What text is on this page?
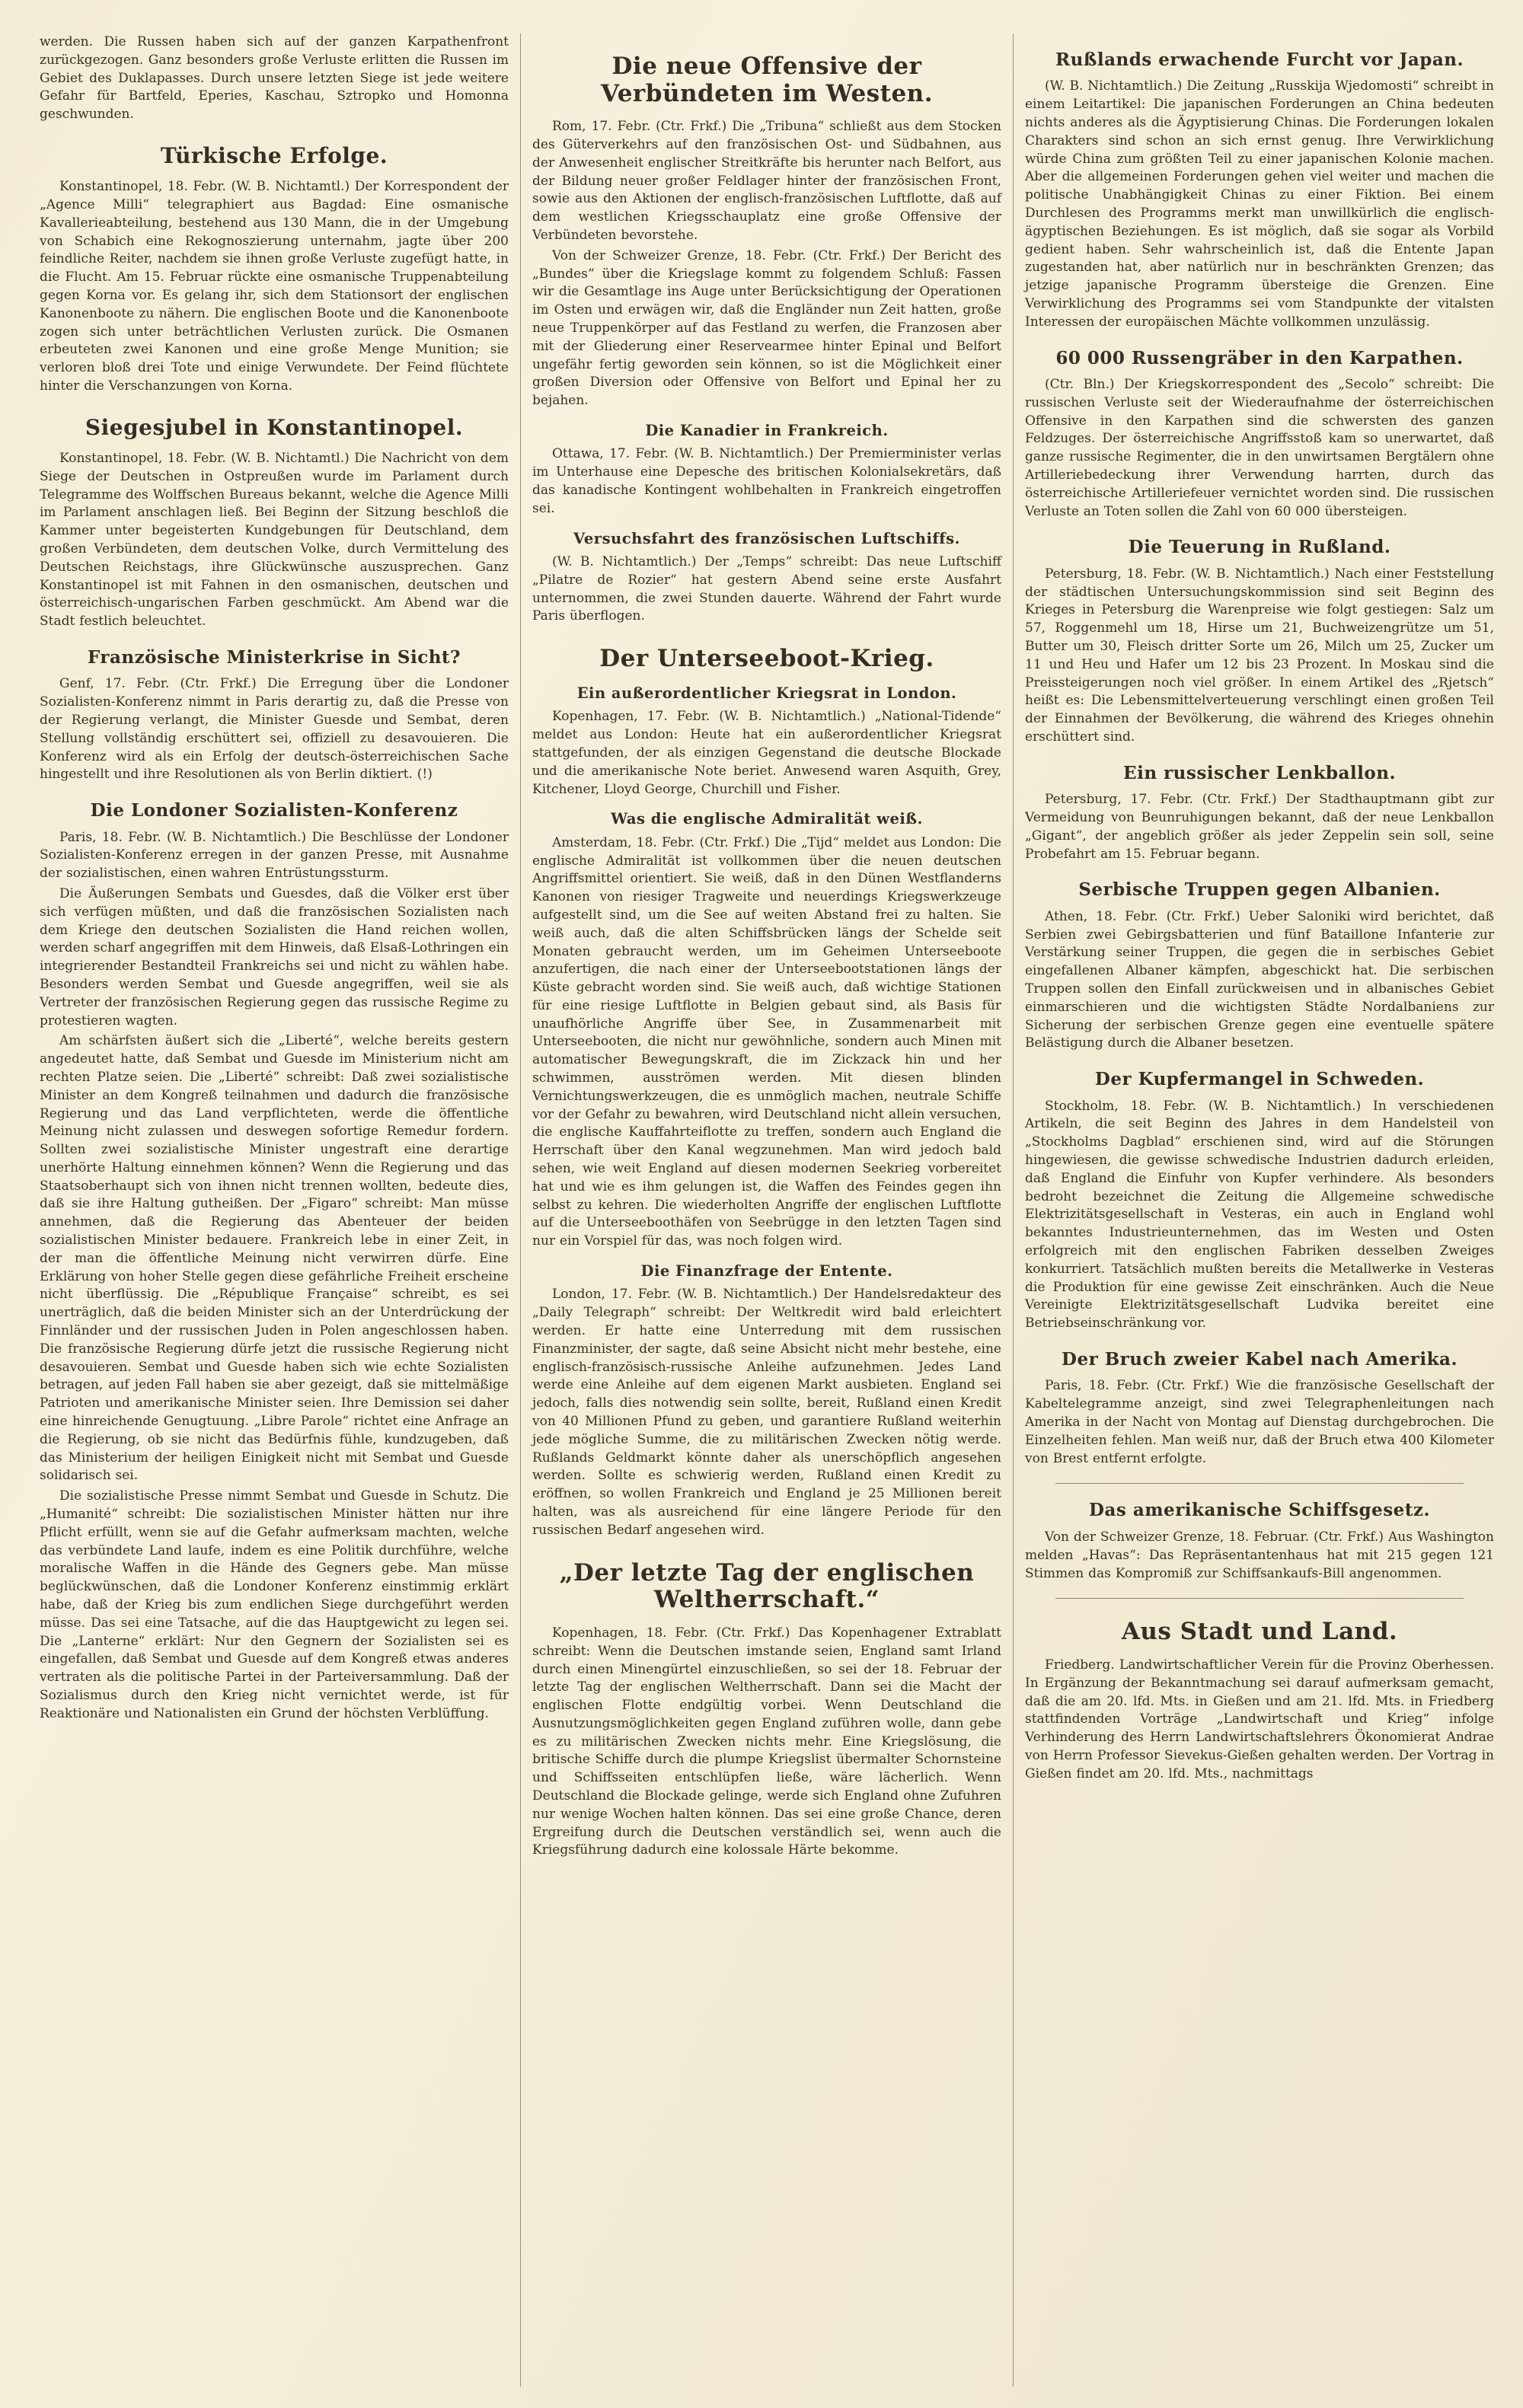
werden. Die Russen haben sich auf der ganzen Karpathenfront zurückgezogen. Ganz besonders große Verluste erlitten die Russen im Gebiet des Duklapasses. Durch unsere letzten Siege ist jede weitere Gefahr für Bartfeld, Eperies, Kaschau, Sztropko und Homonna geschwunden.

Türkische Erfolge.

Konstantinopel, 18. Febr. (W. B. Nichtamtl.) Der Korrespondent der „Agence Milli“ telegraphiert aus Bagdad: Eine osmanische Kavallerieabteilung, bestehend aus 130 Mann, die in der Umgebung von Schabich eine Rekognoszierung unternahm, jagte über 200 feindliche Reiter, nachdem sie ihnen große Verluste zugefügt hatte, in die Flucht. Am 15. Februar rückte eine osmanische Truppenabteilung gegen Korna vor. Es gelang ihr, sich dem Stationsort der englischen Kanonenboote zu nähern. Die englischen Boote und die Kanonenboote zogen sich unter beträchtlichen Verlusten zurück. Die Osmanen erbeuteten zwei Kanonen und eine große Menge Munition; sie verloren bloß drei Tote und einige Verwundete. Der Feind flüchtete hinter die Verschanzungen von Korna.

Siegesjubel in Konstantinopel.

Konstantinopel, 18. Febr. (W. B. Nichtamtl.) Die Nachricht von dem Siege der Deutschen in Ostpreußen wurde im Parlament durch Telegramme des Wolffschen Bureaus bekannt, welche die Agence Milli im Parlament anschlagen ließ. Bei Beginn der Sitzung beschloß die Kammer unter begeisterten Kundgebungen für Deutschland, dem großen Verbündeten, dem deutschen Volke, durch Vermittelung des Deutschen Reichstags, ihre Glückwünsche auszusprechen. Ganz Konstantinopel ist mit Fahnen in den osmanischen, deutschen und österreichisch-ungarischen Farben geschmückt. Am Abend war die Stadt festlich beleuchtet.

Französische Ministerkrise in Sicht?

Genf, 17. Febr. (Ctr. Frkf.) Die Erregung über die Londoner Sozialisten-Konferenz nimmt in Paris derartig zu, daß die Presse von der Regierung verlangt, die Minister Guesde und Sembat, deren Stellung vollständig erschüttert sei, offiziell zu desavouieren. Die Konferenz wird als ein Erfolg der deutsch-österreichischen Sache hingestellt und ihre Resolutionen als von Berlin diktiert. (!)

Die Londoner Sozialisten-Konferenz

Paris, 18. Febr. (W. B. Nichtamtlich.) Die Beschlüsse der Londoner Sozialisten-Konferenz erregen in der ganzen Presse, mit Ausnahme der sozialistischen, einen wahren Entrüstungssturm.

Die Äußerungen Sembats und Guesdes, daß die Völker erst über sich verfügen müßten, und daß die französischen Sozialisten nach dem Kriege den deutschen Sozialisten die Hand reichen wollen, werden scharf angegriffen mit dem Hinweis, daß Elsaß-Lothringen ein integrierender Bestandteil Frankreichs sei und nicht zu wählen habe. Besonders werden Sembat und Guesde angegriffen, weil sie als Vertreter der französischen Regierung gegen das russische Regime zu protestieren wagten.

Am schärfsten äußert sich die „Liberté“, welche bereits gestern angedeutet hatte, daß Sembat und Guesde im Ministerium nicht am rechten Platze seien. Die „Liberté“ schreibt: Daß zwei sozialistische Minister an dem Kongreß teilnahmen und dadurch die französische Regierung und das Land verpflichteten, werde die öffentliche Meinung nicht zulassen und deswegen sofortige Remedur fordern. Sollten zwei sozialistische Minister ungestraft eine derartige unerhörte Haltung einnehmen können? Wenn die Regierung und das Staatsoberhaupt sich von ihnen nicht trennen wollten, bedeute dies, daß sie ihre Haltung gutheißen. Der „Figaro“ schreibt: Man müsse annehmen, daß die Regierung das Abenteuer der beiden sozialistischen Minister bedauere. Frankreich lebe in einer Zeit, in der man die öffentliche Meinung nicht verwirren dürfe. Eine Erklärung von hoher Stelle gegen diese gefährliche Freiheit erscheine nicht überflüssig. Die „République Française“ schreibt, es sei unerträglich, daß die beiden Minister sich an der Unterdrückung der Finnländer und der russischen Juden in Polen angeschlossen haben. Die französische Regierung dürfe jetzt die russische Regierung nicht desavouieren. Sembat und Guesde haben sich wie echte Sozialisten betragen, auf jeden Fall haben sie aber gezeigt, daß sie mittelmäßige Patrioten und amerikanische Minister seien. Ihre Demission sei daher eine hinreichende Genugtuung. „Libre Parole“ richtet eine Anfrage an die Regierung, ob sie nicht das Bedürfnis fühle, kundzugeben, daß das Ministerium der heiligen Einigkeit nicht mit Sembat und Guesde solidarisch sei.

Die sozialistische Presse nimmt Sembat und Guesde in Schutz. Die „Humanité“ schreibt: Die sozialistischen Minister hätten nur ihre Pflicht erfüllt, wenn sie auf die Gefahr aufmerksam machten, welche das verbündete Land laufe, indem es eine Politik durchführe, welche moralische Waffen in die Hände des Gegners gebe. Man müsse beglückwünschen, daß die Londoner Konferenz einstimmig erklärt habe, daß der Krieg bis zum endlichen Siege durchgeführt werden müsse. Das sei eine Tatsache, auf die das Hauptgewicht zu legen sei. Die „Lanterne“ erklärt: Nur den Gegnern der Sozialisten sei es eingefallen, daß Sembat und Guesde auf dem Kongreß etwas anderes vertraten als die politische Partei in der Parteiversammlung. Daß der Sozialismus durch den Krieg nicht vernichtet werde, ist für Reaktionäre und Nationalisten ein Grund der höchsten Verblüffung.

Die neue Offensive der Verbündeten im Westen.

Rom, 17. Febr. (Ctr. Frkf.) Die „Tribuna“ schließt aus dem Stocken des Güterverkehrs auf den französischen Ost- und Südbahnen, aus der Anwesenheit englischer Streitkräfte bis herunter nach Belfort, aus der Bildung neuer großer Feldlager hinter der französischen Front, sowie aus den Aktionen der englisch-französischen Luftflotte, daß auf dem westlichen Kriegsschauplatz eine große Offensive der Verbündeten bevorstehe.

Von der Schweizer Grenze, 18. Febr. (Ctr. Frkf.) Der Bericht des „Bundes“ über die Kriegslage kommt zu folgendem Schluß: Fassen wir die Gesamtlage ins Auge unter Berücksichtigung der Operationen im Osten und erwägen wir, daß die Engländer nun Zeit hatten, große neue Truppenkörper auf das Festland zu werfen, die Franzosen aber mit der Gliederung einer Reservearmee hinter Epinal und Belfort ungefähr fertig geworden sein können, so ist die Möglichkeit einer großen Diversion oder Offensive von Belfort und Epinal her zu bejahen.

Die Kanadier in Frankreich.

Ottawa, 17. Febr. (W. B. Nichtamtlich.) Der Premierminister verlas im Unterhause eine Depesche des britischen Kolonialsekretärs, daß das kanadische Kontingent wohlbehalten in Frankreich eingetroffen sei.

Versuchsfahrt des französischen Luftschiffs.

(W. B. Nichtamtlich.) Der „Temps“ schreibt: Das neue Luftschiff „Pilatre de Rozier“ hat gestern Abend seine erste Ausfahrt unternommen, die zwei Stunden dauerte. Während der Fahrt wurde Paris überflogen.

Der Unterseeboot-Krieg.
Ein außerordentlicher Kriegsrat in London.

Kopenhagen, 17. Febr. (W. B. Nichtamtlich.) „National-Tidende“ meldet aus London: Heute hat ein außerordentlicher Kriegsrat stattgefunden, der als einzigen Gegenstand die deutsche Blockade und die amerikanische Note beriet. Anwesend waren Asquith, Grey, Kitchener, Lloyd George, Churchill und Fisher.

Was die englische Admiralität weiß.

Amsterdam, 18. Febr. (Ctr. Frkf.) Die „Tijd“ meldet aus London: Die englische Admiralität ist vollkommen über die neuen deutschen Angriffsmittel orientiert. Sie weiß, daß in den Dünen Westflanderns Kanonen von riesiger Tragweite und neuerdings Kriegswerkzeuge aufgestellt sind, um die See auf weiten Abstand frei zu halten. Sie weiß auch, daß die alten Schiffsbrücken längs der Schelde seit Monaten gebraucht werden, um im Geheimen Unterseeboote anzufertigen, die nach einer der Unterseebootstationen längs der Küste gebracht worden sind. Sie weiß auch, daß wichtige Stationen für eine riesige Luftflotte in Belgien gebaut sind, als Basis für unaufhörliche Angriffe über See, in Zusammenarbeit mit Unterseebooten, die nicht nur gewöhnliche, sondern auch Minen mit automatischer Bewegungskraft, die im Zickzack hin und her schwimmen, ausströmen werden. Mit diesen blinden Vernichtungswerkzeugen, die es unmöglich machen, neutrale Schiffe vor der Gefahr zu bewahren, wird Deutschland nicht allein versuchen, die englische Kauffahrteiflotte zu treffen, sondern auch England die Herrschaft über den Kanal wegzunehmen. Man wird jedoch bald sehen, wie weit England auf diesen modernen Seekrieg vorbereitet hat und wie es ihm gelungen ist, die Waffen des Feindes gegen ihn selbst zu kehren. Die wiederholten Angriffe der englischen Luftflotte auf die Unterseeboothäfen von Seebrügge in den letzten Tagen sind nur ein Vorspiel für das, was noch folgen wird.

Die Finanzfrage der Entente.

London, 17. Febr. (W. B. Nichtamtlich.) Der Handelsredakteur des „Daily Telegraph“ schreibt: Der Weltkredit wird bald erleichtert werden. Er hatte eine Unterredung mit dem russischen Finanzminister, der sagte, daß seine Absicht nicht mehr bestehe, eine englisch-französisch-russische Anleihe aufzunehmen. Jedes Land werde eine Anleihe auf dem eigenen Markt ausbieten. England sei jedoch, falls dies notwendig sein sollte, bereit, Rußland einen Kredit von 40 Millionen Pfund zu geben, und garantiere Rußland weiterhin jede mögliche Summe, die zu militärischen Zwecken nötig werde. Rußlands Geldmarkt könnte daher als unerschöpflich angesehen werden. Sollte es schwierig werden, Rußland einen Kredit zu eröffnen, so wollen Frankreich und England je 25 Millionen bereit halten, was als ausreichend für eine längere Periode für den russischen Bedarf angesehen wird.

„Der letzte Tag der englischen Weltherrschaft.“

Kopenhagen, 18. Febr. (Ctr. Frkf.) Das Kopenhagener Extrablatt schreibt: Wenn die Deutschen imstande seien, England samt Irland durch einen Minengürtel einzuschließen, so sei der 18. Februar der letzte Tag der englischen Weltherrschaft. Dann sei die Macht der englischen Flotte endgültig vorbei. Wenn Deutschland die Ausnutzungsmöglichkeiten gegen England zuführen wolle, dann gebe es zu militärischen Zwecken nichts mehr. Eine Kriegslösung, die britische Schiffe durch die plumpe Kriegslist übermalter Schornsteine und Schiffsseiten entschlüpfen ließe, wäre lächerlich. Wenn Deutschland die Blockade gelinge, werde sich England ohne Zufuhren nur wenige Wochen halten können. Das sei eine große Chance, deren Ergreifung durch die Deutschen verständlich sei, wenn auch die Kriegsführung dadurch eine kolossale Härte bekomme.

Rußlands erwachende Furcht vor Japan.

(W. B. Nichtamtlich.) Die Zeitung „Russkija Wjedomosti“ schreibt in einem Leitartikel: Die japanischen Forderungen an China bedeuten nichts anderes als die Ägyptisierung Chinas. Die Forderungen lokalen Charakters sind schon an sich ernst genug. Ihre Verwirklichung würde China zum größten Teil zu einer japanischen Kolonie machen. Aber die allgemeinen Forderungen gehen viel weiter und machen die politische Unabhängigkeit Chinas zu einer Fiktion. Bei einem Durchlesen des Programms merkt man unwillkürlich die englisch-ägyptischen Beziehungen. Es ist möglich, daß sie sogar als Vorbild gedient haben. Sehr wahrscheinlich ist, daß die Entente Japan zugestanden hat, aber natürlich nur in beschränkten Grenzen; das jetzige japanische Programm übersteige die Grenzen. Eine Verwirklichung des Programms sei vom Standpunkte der vitalsten Interessen der europäischen Mächte vollkommen unzulässig.

60 000 Russengräber in den Karpathen.

(Ctr. Bln.) Der Kriegskorrespondent des „Secolo“ schreibt: Die russischen Verluste seit der Wiederaufnahme der österreichischen Offensive in den Karpathen sind die schwersten des ganzen Feldzuges. Der österreichische Angriffsstoß kam so unerwartet, daß ganze russische Regimenter, die in den unwirtsamen Bergtälern ohne Artilleriebedeckung ihrer Verwendung harrten, durch das österreichische Artilleriefeuer vernichtet worden sind. Die russischen Verluste an Toten sollen die Zahl von 60 000 übersteigen.

Die Teuerung in Rußland.

Petersburg, 18. Febr. (W. B. Nichtamtlich.) Nach einer Feststellung der städtischen Untersuchungskommission sind seit Beginn des Krieges in Petersburg die Warenpreise wie folgt gestiegen: Salz um 57, Roggenmehl um 18, Hirse um 21, Buchweizengrütze um 51, Butter um 30, Fleisch dritter Sorte um 26, Milch um 25, Zucker um 11 und Heu und Hafer um 12 bis 23 Prozent. In Moskau sind die Preissteigerungen noch viel größer. In einem Artikel des „Rjetsch“ heißt es: Die Lebensmittelverteuerung verschlingt einen großen Teil der Einnahmen der Bevölkerung, die während des Krieges ohnehin erschüttert sind.

Ein russischer Lenkballon.

Petersburg, 17. Febr. (Ctr. Frkf.) Der Stadthauptmann gibt zur Vermeidung von Beunruhigungen bekannt, daß der neue Lenkballon „Gigant“, der angeblich größer als jeder Zeppelin sein soll, seine Probefahrt am 15. Februar begann.

Serbische Truppen gegen Albanien.

Athen, 18. Febr. (Ctr. Frkf.) Ueber Saloniki wird berichtet, daß Serbien zwei Gebirgsbatterien und fünf Bataillone Infanterie zur Verstärkung seiner Truppen, die gegen die in serbisches Gebiet eingefallenen Albaner kämpfen, abgeschickt hat. Die serbischen Truppen sollen den Einfall zurückweisen und in albanisches Gebiet einmarschieren und die wichtigsten Städte Nordalbaniens zur Sicherung der serbischen Grenze gegen eine eventuelle spätere Belästigung durch die Albaner besetzen.

Der Kupfermangel in Schweden.

Stockholm, 18. Febr. (W. B. Nichtamtlich.) In verschiedenen Artikeln, die seit Beginn des Jahres in dem Handelsteil von „Stockholms Dagblad“ erschienen sind, wird auf die Störungen hingewiesen, die gewisse schwedische Industrien dadurch erleiden, daß England die Einfuhr von Kupfer verhindere. Als besonders bedroht bezeichnet die Zeitung die Allgemeine schwedische Elektrizitätsgesellschaft in Vesteras, ein auch in England wohl bekanntes Industrieunternehmen, das im Westen und Osten erfolgreich mit den englischen Fabriken desselben Zweiges konkurriert. Tatsächlich mußten bereits die Metallwerke in Vesteras die Produktion für eine gewisse Zeit einschränken. Auch die Neue Vereinigte Elektrizitätsgesellschaft Ludvika bereitet eine Betriebseinschränkung vor.

Der Bruch zweier Kabel nach Amerika.

Paris, 18. Febr. (Ctr. Frkf.) Wie die französische Gesellschaft der Kabeltelegramme anzeigt, sind zwei Telegraphenleitungen nach Amerika in der Nacht von Montag auf Dienstag durchgebrochen. Die Einzelheiten fehlen. Man weiß nur, daß der Bruch etwa 400 Kilometer von Brest entfernt erfolgte.

Das amerikanische Schiffsgesetz.

Von der Schweizer Grenze, 18. Februar. (Ctr. Frkf.) Aus Washington melden „Havas“: Das Repräsentantenhaus hat mit 215 gegen 121 Stimmen das Kompromiß zur Schiffsankaufs-Bill angenommen.

Aus Stadt und Land.

Friedberg. Landwirtschaftlicher Verein für die Provinz Oberhessen. In Ergänzung der Bekanntmachung sei darauf aufmerksam gemacht, daß die am 20. lfd. Mts. in Gießen und am 21. lfd. Mts. in Friedberg stattfindenden Vorträge „Landwirtschaft und Krieg“ infolge Verhinderung des Herrn Landwirtschaftslehrers Ökonomierat Andrae von Herrn Professor Sievekus-Gießen gehalten werden. Der Vortrag in Gießen findet am 20. lfd. Mts., nachmittags
